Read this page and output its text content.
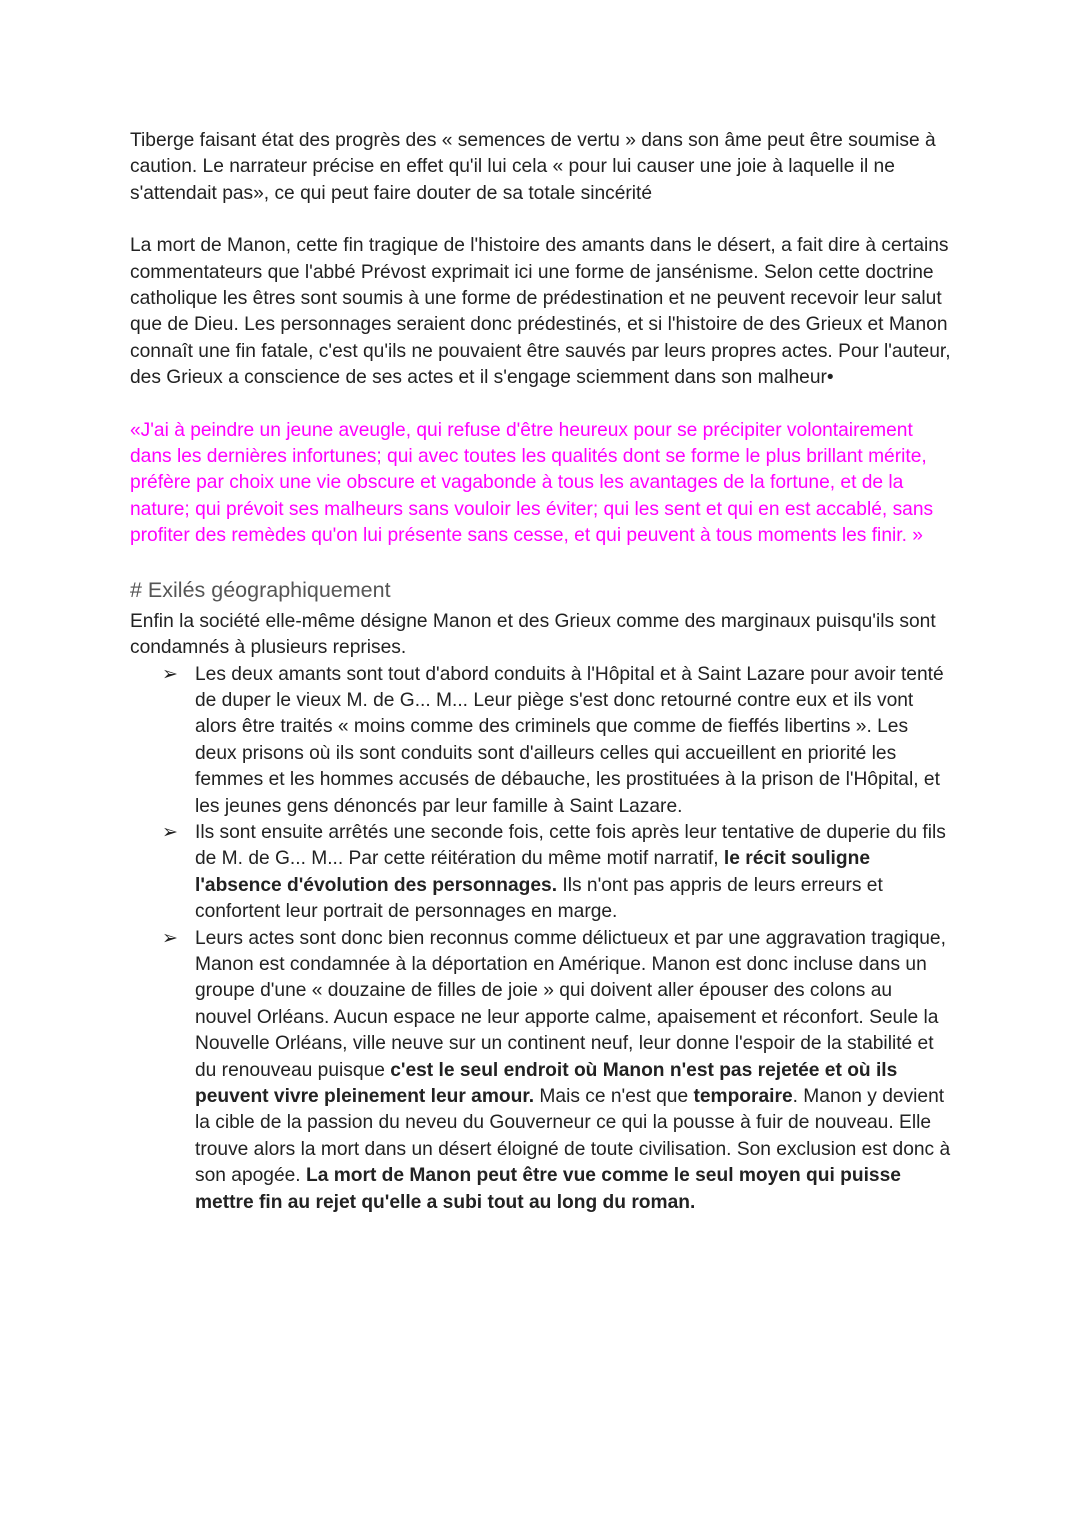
Tiberge faisant état des progrès des « semences de vertu » dans son âme peut être soumise à caution. Le narrateur précise en effet qu'il lui cela « pour lui causer une joie à laquelle il ne s'attendait pas», ce qui peut faire douter de sa totale sincérité

La mort de Manon, cette fin tragique de l'histoire des amants dans le désert, a fait dire à certains commentateurs que l'abbé Prévost exprimait ici une forme de jansénisme. Selon cette doctrine catholique les êtres sont soumis à une forme de prédestination et ne peuvent recevoir leur salut que de Dieu. Les personnages seraient donc prédestinés, et si l'histoire de des Grieux et Manon connaît une fin fatale, c'est qu'ils ne pouvaient être sauvés par leurs propres actes. Pour l'auteur, des Grieux a conscience de ses actes et il s'engage sciemment dans son malheur•

«J'ai à peindre un jeune aveugle, qui refuse d'être heureux pour se précipiter volontairement dans les dernières infortunes; qui avec toutes les qualités dont se forme le plus brillant mérite, préfère par choix une vie obscure et vagabonde à tous les avantages de la fortune, et de la nature; qui prévoit ses malheurs sans vouloir les éviter; qui les sent et qui en est accablé, sans profiter des remèdes qu'on lui présente sans cesse, et qui peuvent à tous moments les finir. »

# Exilés géographiquement

Enfin la société elle-même désigne Manon et des Grieux comme des marginaux puisqu'ils sont condamnés à plusieurs reprises.

➢ Les deux amants sont tout d'abord conduits à l'Hôpital et à Saint Lazare pour avoir tenté de duper le vieux M. de G... M... Leur piège s'est donc retourné contre eux et ils vont alors être traités « moins comme des criminels que comme de fieffés libertins ». Les deux prisons où ils sont conduits sont d'ailleurs celles qui accueillent en priorité les femmes et les hommes accusés de débauche, les prostituées à la prison de l'Hôpital, et les jeunes gens dénoncés par leur famille à Saint Lazare.
➢ Ils sont ensuite arrêtés une seconde fois, cette fois après leur tentative de duperie du fils de M. de G... M... Par cette réitération du même motif narratif, le récit souligne l'absence d'évolution des personnages. Ils n'ont pas appris de leurs erreurs et confortent leur portrait de personnages en marge.
➢ Leurs actes sont donc bien reconnus comme délictueux et par une aggravation tragique, Manon est condamnée à la déportation en Amérique. Manon est donc incluse dans un groupe d'une « douzaine de filles de joie » qui doivent aller épouser des colons au nouvel Orléans. Aucun espace ne leur apporte calme, apaisement et réconfort. Seule la Nouvelle Orléans, ville neuve sur un continent neuf, leur donne l'espoir de la stabilité et du renouveau puisque c'est le seul endroit où Manon n'est pas rejetée et où ils peuvent vivre pleinement leur amour. Mais ce n'est que temporaire. Manon y devient la cible de la passion du neveu du Gouverneur ce qui la pousse à fuir de nouveau. Elle trouve alors la mort dans un désert éloigné de toute civilisation. Son exclusion est donc à son apogée. La mort de Manon peut être vue comme le seul moyen qui puisse mettre fin au rejet qu'elle a subi tout au long du roman.
